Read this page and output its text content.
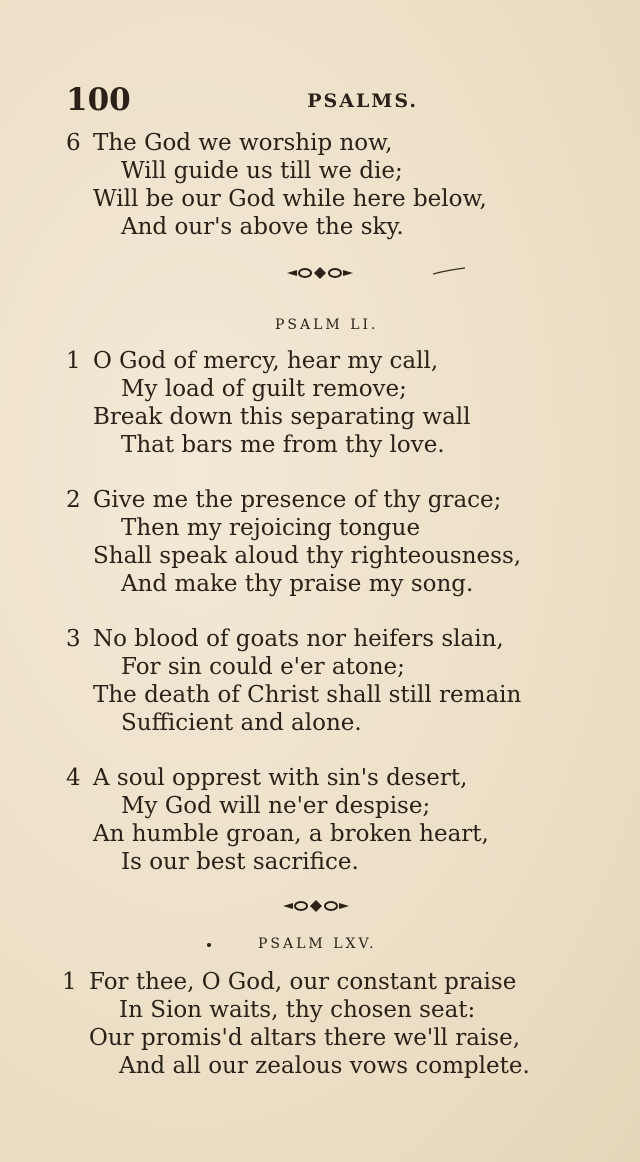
100	PSALMS.
6 The God we worship now,
Will guide us till we die;
Will be our God while here below,
And our's above the sky.
PSALM LI.
1 O God of mercy, hear my call,
My load of guilt remove;
Break down this separating wall
That bars me from thy love.
2 Give me the presence of thy grace;
Then my rejoicing tongue
Shall speak aloud thy righteousness,
And make thy praise my song.
3 No blood of goats nor heifers slain,
For sin could e'er atone;
The death of Christ shall still remain
Sufficient and alone.
4 A soul opprest with sin's desert,
My God will ne'er despise;
An humble groan, a broken heart,
Is our best sacrifice.
PSALM LXV.
1 For thee, O God, our constant praise
In Sion waits, thy chosen seat:
Our promis'd altars there we'll raise,
And all our zealous vows complete.
